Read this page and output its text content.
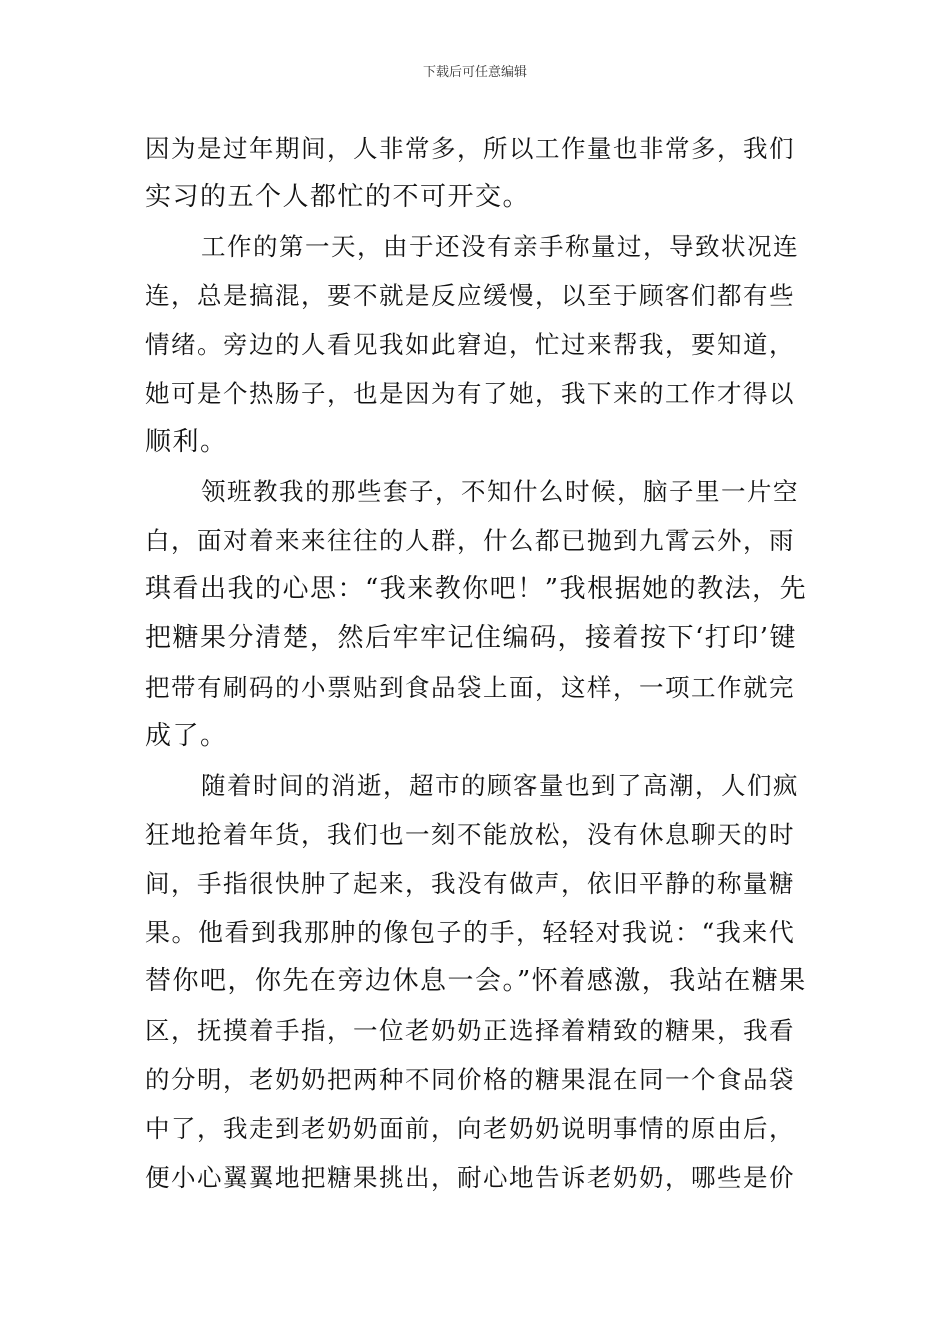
下载后可任意编辑
因为是过年期间，人非常多，所以工作量也非常多，我们
实习的五个人都忙的不可开交。
工作的第一天，由于还没有亲手称量过，导致状况连
连，总是搞混，要不就是反应缓慢，以至于顾客们都有些
情绪。旁边的人看见我如此窘迫，忙过来帮我，要知道，
她可是个热肠子，也是因为有了她，我下来的工作才得以
顺利。
领班教我的那些套子，不知什么时候，脑子里一片空
白，面对着来来往往的人群，什么都已抛到九霄云外，雨
琪看出我的心思：“我来教你吧！”我根据她的教法，先
把糖果分清楚，然后牢牢记住编码，接着按下‘打印’键
把带有刷码的小票贴到食品袋上面，这样，一项工作就完
成了。
随着时间的消逝，超市的顾客量也到了高潮，人们疯
狂地抢着年货，我们也一刻不能放松，没有休息聊天的时
间，手指很快肿了起来，我没有做声，依旧平静的称量糖
果。他看到我那肿的像包子的手，轻轻对我说：“我来代
替你吧，你先在旁边休息一会。”怀着感激，我站在糖果
区，抚摸着手指，一位老奶奶正选择着精致的糖果，我看
的分明，老奶奶把两种不同价格的糖果混在同一个食品袋
中了，我走到老奶奶面前，向老奶奶说明事情的原由后，
便小心翼翼地把糖果挑出，耐心地告诉老奶奶，哪些是价
